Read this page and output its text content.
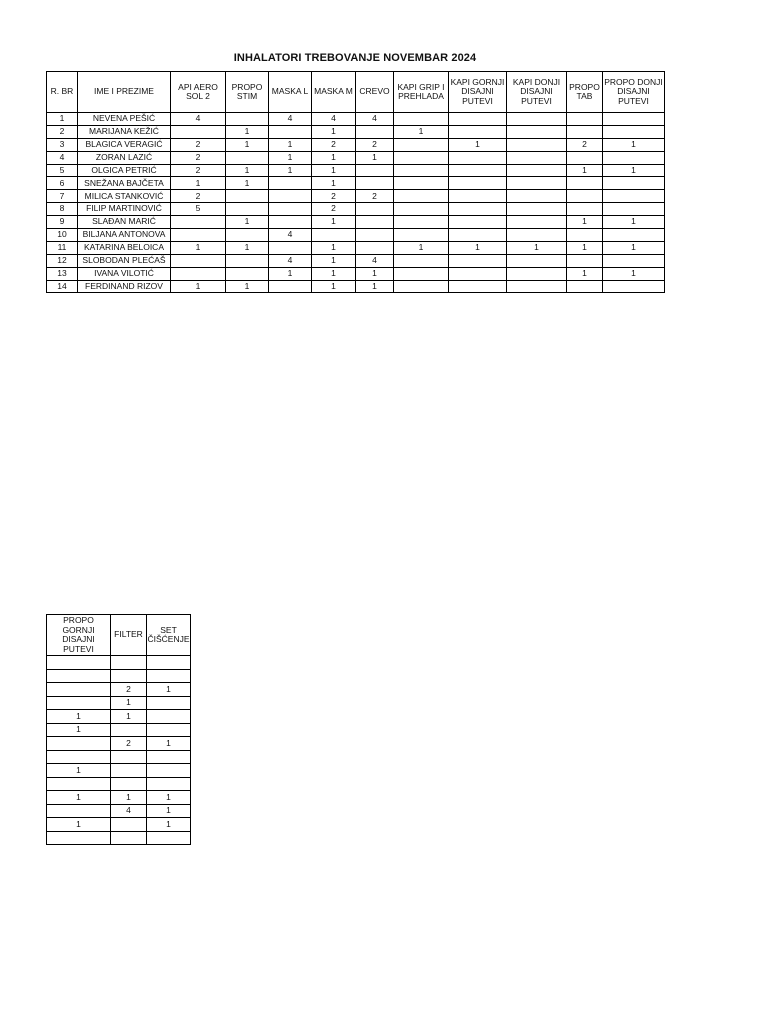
INHALATORI TREBOVANJE NOVEMBAR 2024
R. BR	IME I PREZIME	API AERO SOL 2	PROPO STIM	MASKA L	MASKA M	CREVO	KAPI GRIP I PREHLADA	KAPI GORNJI DISAJNI PUTEVI	KAPI DONJI DISAJNI PUTEVI	PROPO TAB	PROPO DONJI DISAJNI PUTEVI
1	NEVENA PEŠIĆ	4		4	4	4					
2	MARIJANA KEŽIĆ		1		1		1				
3	BLAGICA VERAGIĆ	2	1	1	2	2		1		2	1
4	ZORAN LAZIĆ	2		1	1	1					
5	OLGICA PETRIĆ	2	1	1	1					1	1
6	SNEŽANA BAJČETA	1	1		1						
7	MILICA STANKOVIĆ	2			2	2					
8	FILIP MARTINOVIĆ	5			2						
9	SLAĐAN MARIĆ		1		1					1	1
10	BILJANA ANTONOVA			4							
11	KATARINA BELOICA	1	1		1		1	1	1	1	1
12	SLOBODAN PLEĆAŠ			4	1	4					
13	IVANA VILOTIĆ			1	1	1				1	1
14	FERDINAND RIZOV	1	1		1	1					
PROPO GORNJI DISAJNI PUTEVI	FILTER	SET ČIŠĆENJE

	2	1
	1	
1	1	
1		
	2	1

1		

1	1	1
	4	1
1		1
